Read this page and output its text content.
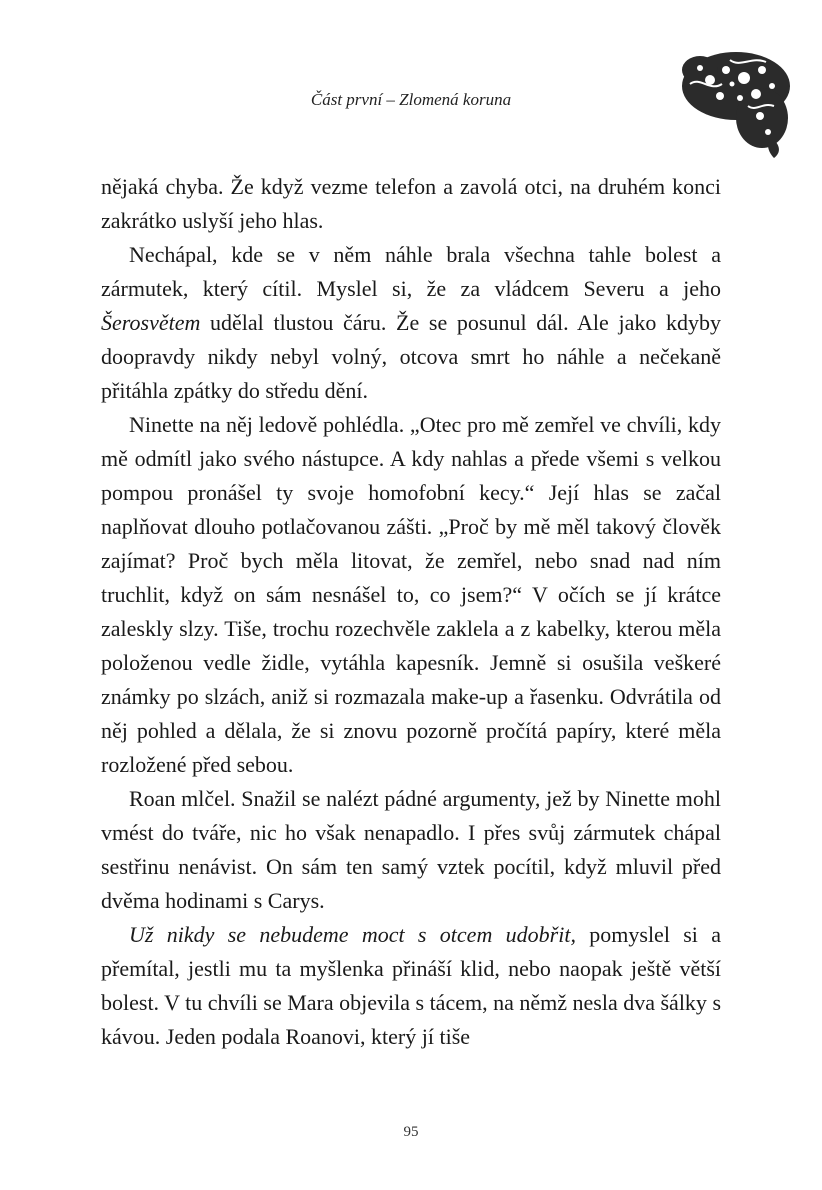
Část první – Zlomená koruna

nějaká chyba. Že když vezme telefon a zavolá otci, na druhém konci zakrátko uslyší jeho hlas.

Nechápal, kde se v něm náhle brala všechna tahle bolest a zármutek, který cítil. Myslel si, že za vládcem Severu a jeho Šerosvětem udělal tlustou čáru. Že se posunul dál. Ale jako kdyby doopravdy nikdy nebyl volný, otcova smrt ho náhle a nečekaně přitáhla zpátky do středu dění.

Ninette na něj ledově pohlédla. „Otec pro mě zemřel ve chvíli, kdy mě odmítl jako svého nástupce. A kdy nahlas a přede všemi s velkou pompou pronášel ty svoje homofobní kecy.“ Její hlas se začal naplňovat dlouho potlačovanou zášti. „Proč by mě měl takový člověk zajímat? Proč bych měla litovat, že zemřel, nebo snad nad ním truchlit, když on sám nesnášel to, co jsem?“ V očích se jí krátce zaleskly slzy. Tiše, trochu rozechvěle zaklela a z kabelky, kterou měla položenou vedle židle, vytáhla kapesník. Jemně si osušila veškeré známky po slzách, aniž si rozmazala make-up a řasenku. Odvrátila od něj pohled a dělala, že si znovu pozorně pročítá papíry, které měla rozložené před sebou.

Roan mlčel. Snažil se nalézt pádné argumenty, jež by Ninette mohl vmést do tváře, nic ho však nenapadlo. I přes svůj zármutek chápal sestřinu nenávist. On sám ten samý vztek pocítil, když mluvil před dvěma hodinami s Carys.

Už nikdy se nebudeme moct s otcem udobřit, pomyslel si a přemítal, jestli mu ta myšlenka přináší klid, nebo naopak ještě větší bolest. V tu chvíli se Mara objevila s tácem, na němž nesla dva šálky s kávou. Jeden podala Roanovi, který jí tiše

95
